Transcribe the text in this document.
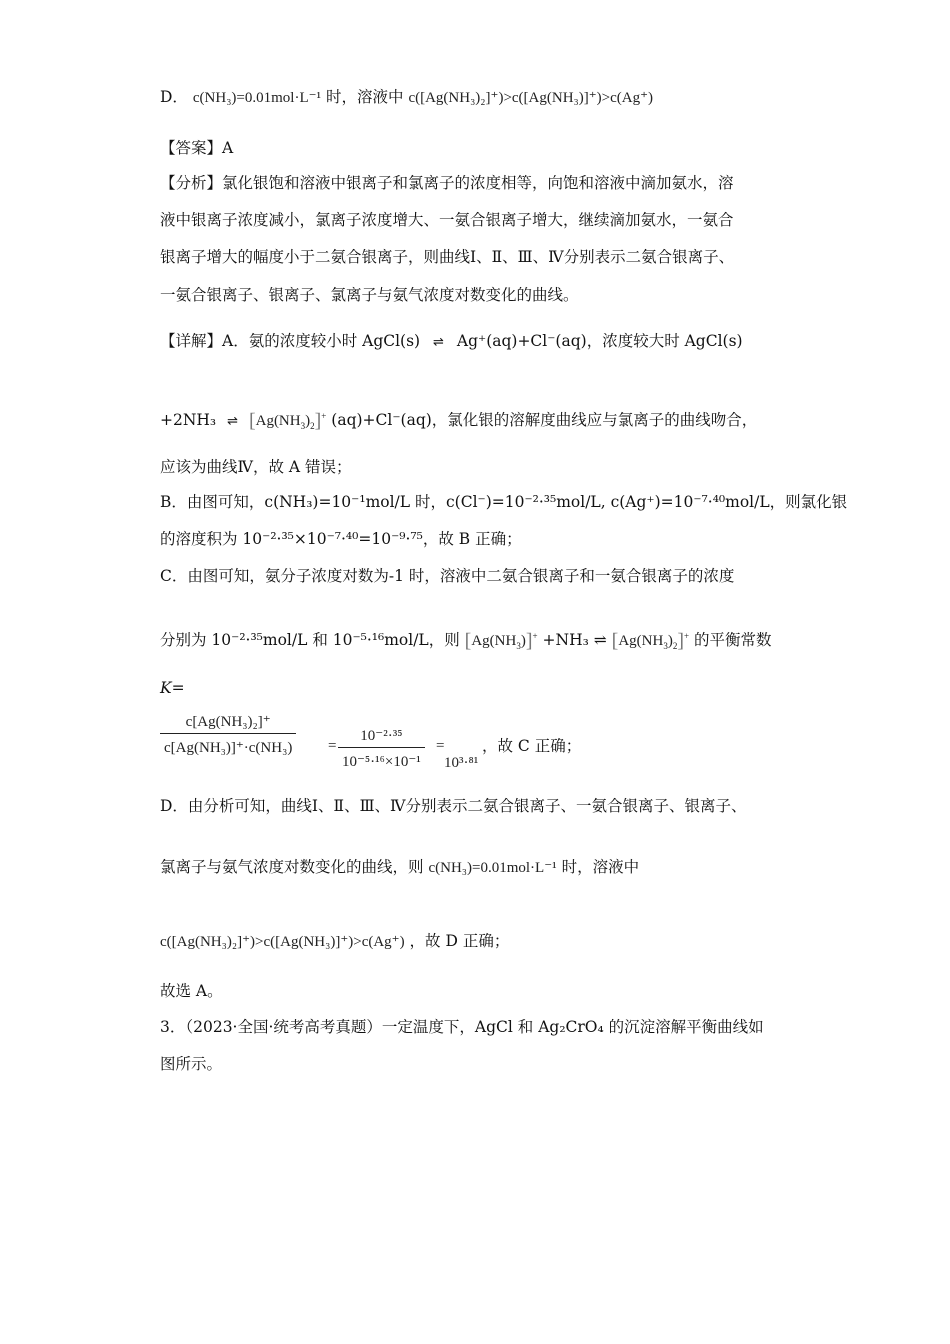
D． c(NH₃)=0.01mol·L⁻¹ 时，溶液中 c([Ag(NH₃)₂]⁺)>c([Ag(NH₃)]⁺)>c(Ag⁺)
【答案】A
【分析】氯化银饱和溶液中银离子和氯离子的浓度相等，向饱和溶液中滴加氨水，溶
液中银离子浓度减小，氯离子浓度增大、一氨合银离子增大，继续滴加氨水，一氨合
银离子增大的幅度小于二氨合银离子，则曲线Ⅰ、Ⅱ、Ⅲ、Ⅳ分别表示二氨合银离子、
一氨合银离子、银离子、氯离子与氨气浓度对数变化的曲线。
【详解】A．氨的浓度较小时 AgCl(s) ⇌ Ag⁺(aq)+Cl⁻(aq)，浓度较大时 AgCl(s)
+2NH₃ ⇌ $[Ag(NH_3)_2]^+$ (aq)+Cl⁻(aq)，氯化银的溶解度曲线应与氯离子的曲线吻合，
应该为曲线Ⅳ，故 A 错误；
B．由图可知，c(NH₃)=10⁻¹mol/L 时，c(Cl⁻)=10⁻²·³⁵mol/L, c(Ag⁺)=10⁻⁷·⁴⁰mol/L，则氯化银
的溶度积为 10⁻²·³⁵×10⁻⁷·⁴⁰=10⁻⁹·⁷⁵，故 B 正确；
C．由图可知，氨分子浓度对数为-1 时，溶液中二氨合银离子和一氨合银离子的浓度
分别为 10⁻²·³⁵mol/L 和 10⁻⁵·¹⁶mol/L，则 $[Ag(NH_3)]^+ +NH_3$ ⇌ $[Ag(NH_3)_2]^+$ 的平衡常数
K=
c[Ag(NH₃)₂]⁺
c[Ag(NH₃)]⁺·c(NH₃) =
10⁻²·³⁵
10⁻⁵·¹⁶×10⁻¹
=
10³·⁸¹
，故 C 正确；
D．由分析可知，曲线Ⅰ、Ⅱ、Ⅲ、Ⅳ分别表示二氨合银离子、一氨合银离子、银离子、
氯离子与氨气浓度对数变化的曲线，则 c(NH₃)=0.01mol·L⁻¹ 时，溶液中
c([Ag(NH₃)₂]⁺)>c([Ag(NH₃)]⁺)>c(Ag⁺) ，故 D 正确；
故选 A。
3．（2023·全国·统考高考真题）一定温度下，AgCl 和 Ag₂CrO₄ 的沉淀溶解平衡曲线如
图所示。
